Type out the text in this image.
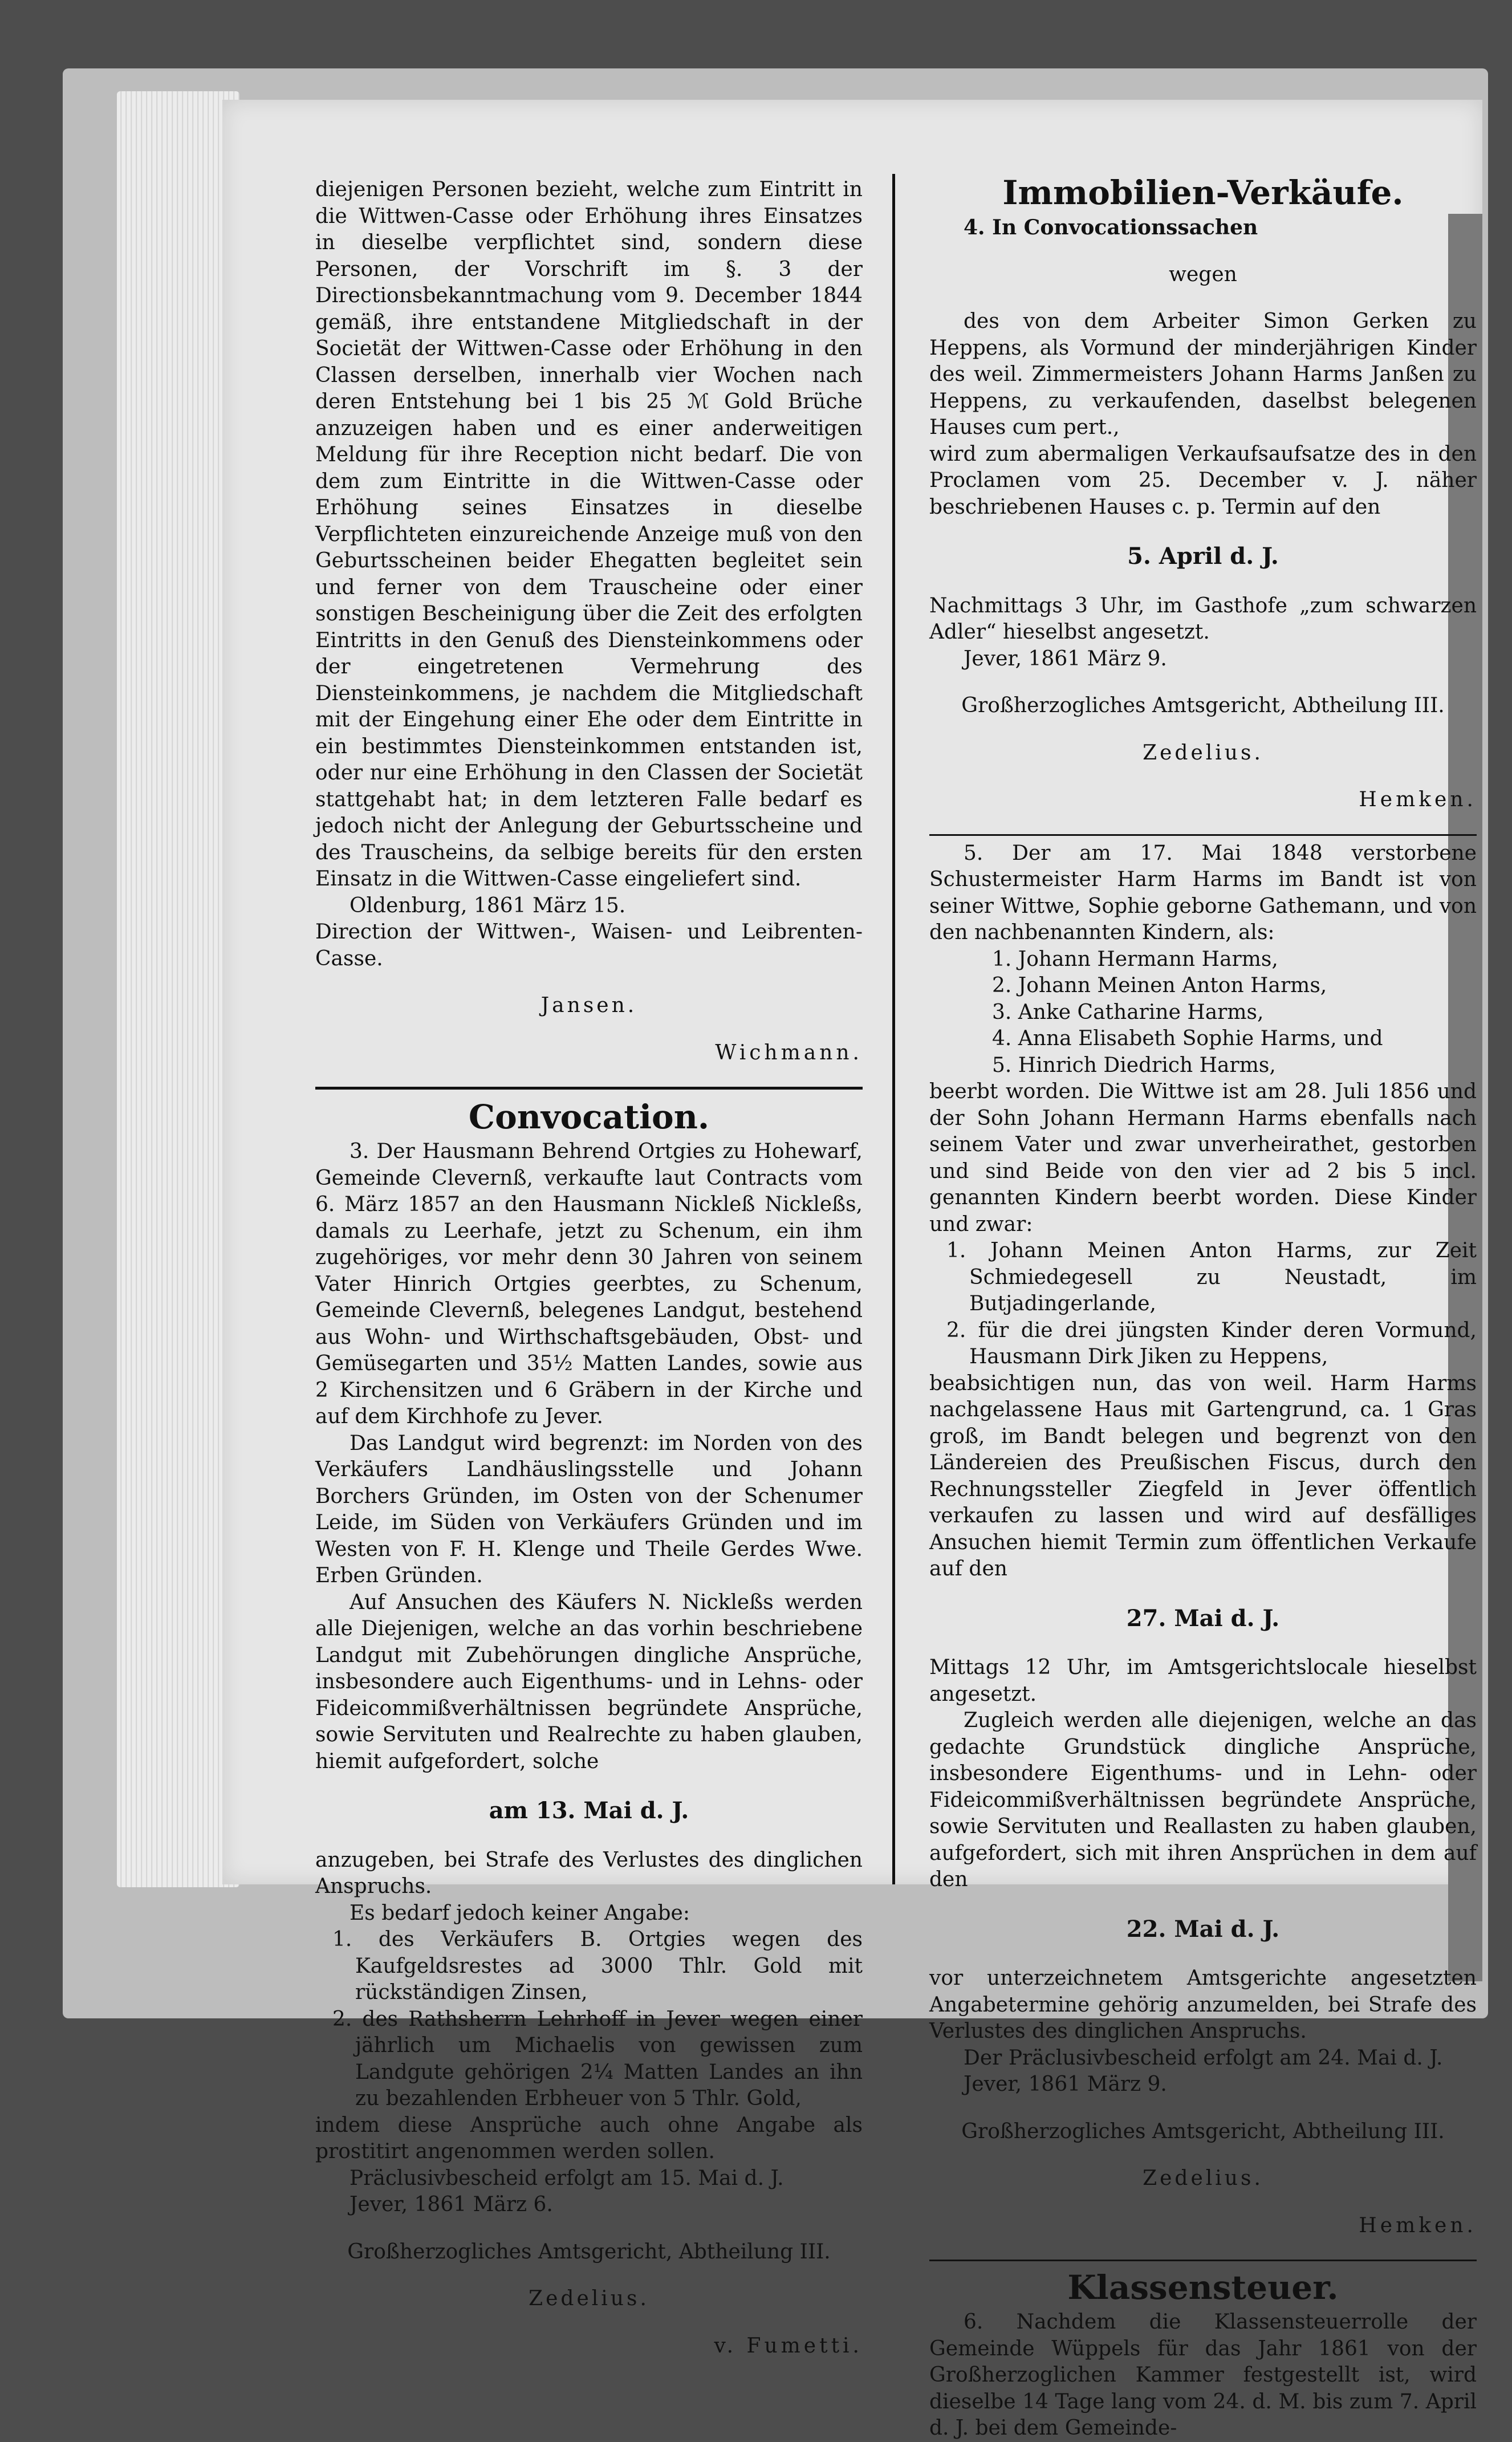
diejenigen Personen bezieht, welche zum Eintritt in die Wittwen-Casse oder Erhöhung ihres Einsatzes in dieselbe verpflichtet sind, sondern diese Personen, der Vorschrift im §. 3 der Directionsbekanntmachung vom 9. December 1844 gemäß, ihre entstandene Mitgliedschaft in der Societät der Wittwen-Casse oder Erhöhung in den Classen derselben, innerhalb vier Wochen nach deren Entstehung bei 1 bis 25 ℳ Gold Brüche anzuzeigen haben und es einer anderweitigen Meldung für ihre Reception nicht bedarf. Die von dem zum Eintritte in die Wittwen-Casse oder Erhöhung seines Einsatzes in dieselbe Verpflichteten einzureichende Anzeige muß von den Geburtsscheinen beider Ehegatten begleitet sein und ferner von dem Trauscheine oder einer sonstigen Bescheinigung über die Zeit des erfolgten Eintritts in den Genuß des Diensteinkommens oder der eingetretenen Vermehrung des Diensteinkommens, je nachdem die Mitgliedschaft mit der Eingehung einer Ehe oder dem Eintritte in ein bestimmtes Diensteinkommen entstanden ist, oder nur eine Erhöhung in den Classen der Societät stattgehabt hat; in dem letzteren Falle bedarf es jedoch nicht der Anlegung der Geburtsscheine und des Trauscheins, da selbige bereits für den ersten Einsatz in die Wittwen-Casse eingeliefert sind.

Oldenburg, 1861 März 15.

Direction der Wittwen-, Waisen- und Leibrenten-Casse.

Jansen.

Wichmann.

Convocation.

3. Der Hausmann Behrend Ortgies zu Hohewarf, Gemeinde Clevernß, verkaufte laut Contracts vom 6. März 1857 an den Hausmann Nickleß Nickleßs, damals zu Leerhafe, jetzt zu Schenum, ein ihm zugehöriges, vor mehr denn 30 Jahren von seinem Vater Hinrich Ortgies geerbtes, zu Schenum, Gemeinde Clevernß, belegenes Landgut, bestehend aus Wohn- und Wirthschaftsgebäuden, Obst- und Gemüsegarten und 35½ Matten Landes, sowie aus 2 Kirchensitzen und 6 Gräbern in der Kirche und auf dem Kirchhofe zu Jever.

Das Landgut wird begrenzt: im Norden von des Verkäufers Landhäuslingsstelle und Johann Borchers Gründen, im Osten von der Schenumer Leide, im Süden von Verkäufers Gründen und im Westen von F. H. Klenge und Theile Gerdes Wwe. Erben Gründen.

Auf Ansuchen des Käufers N. Nickleßs werden alle Diejenigen, welche an das vorhin beschriebene Landgut mit Zubehörungen dingliche Ansprüche, insbesondere auch Eigenthums- und in Lehns- oder Fideicommißverhältnissen begründete Ansprüche, sowie Servituten und Realrechte zu haben glauben, hiemit aufgefordert, solche

am 13. Mai d. J.

anzugeben, bei Strafe des Verlustes des dinglichen Anspruchs.

Es bedarf jedoch keiner Angabe:

1. des Verkäufers B. Ortgies wegen des Kaufgeldsrestes ad 3000 Thlr. Gold mit rückständigen Zinsen,
2. des Rathsherrn Lehrhoff in Jever wegen einer jährlich um Michaelis von gewissen zum Landgute gehörigen 2¼ Matten Landes an ihn zu bezahlenden Erbheuer von 5 Thlr. Gold,

indem diese Ansprüche auch ohne Angabe als prostitirt angenommen werden sollen.

Präclusivbescheid erfolgt am 15. Mai d. J.

Jever, 1861 März 6.

Großherzogliches Amtsgericht, Abtheilung III.

Zedelius.

v. Fumetti.

Immobilien-Verkäufe.

4. In Convocationssachen

wegen

des von dem Arbeiter Simon Gerken zu Heppens, als Vormund der minderjährigen Kinder des weil. Zimmermeisters Johann Harms Janßen zu Heppens, zu verkaufenden, daselbst belegenen Hauses cum pert.,

wird zum abermaligen Verkaufsaufsatze des in den Proclamen vom 25. December v. J. näher beschriebenen Hauses c. p. Termin auf den

5. April d. J.

Nachmittags 3 Uhr, im Gasthofe „zum schwarzen Adler“ hieselbst angesetzt.

Jever, 1861 März 9.

Großherzogliches Amtsgericht, Abtheilung III.

Zedelius.

Hemken.

5. Der am 17. Mai 1848 verstorbene Schustermeister Harm Harms im Bandt ist von seiner Wittwe, Sophie geborne Gathemann, und von den nachbenannten Kindern, als:

1. Johann Hermann Harms,
2. Johann Meinen Anton Harms,
3. Anke Catharine Harms,
4. Anna Elisabeth Sophie Harms, und
5. Hinrich Diedrich Harms,

beerbt worden. Die Wittwe ist am 28. Juli 1856 und der Sohn Johann Hermann Harms ebenfalls nach seinem Vater und zwar unverheirathet, gestorben und sind Beide von den vier ad 2 bis 5 incl. genannten Kindern beerbt worden. Diese Kinder und zwar:

1. Johann Meinen Anton Harms, zur Zeit Schmiedegesell zu Neustadt, im Butjadingerlande,
2. für die drei jüngsten Kinder deren Vormund, Hausmann Dirk Jiken zu Heppens,

beabsichtigen nun, das von weil. Harm Harms nachgelassene Haus mit Gartengrund, ca. 1 Gras groß, im Bandt belegen und begrenzt von den Ländereien des Preußischen Fiscus, durch den Rechnungssteller Ziegfeld in Jever öffentlich verkaufen zu lassen und wird auf desfälliges Ansuchen hiemit Termin zum öffentlichen Verkaufe auf den

27. Mai d. J.

Mittags 12 Uhr, im Amtsgerichtslocale hieselbst angesetzt.

Zugleich werden alle diejenigen, welche an das gedachte Grundstück dingliche Ansprüche, insbesondere Eigenthums- und in Lehn- oder Fideicommißverhältnissen begründete Ansprüche, sowie Servituten und Reallasten zu haben glauben, aufgefordert, sich mit ihren Ansprüchen in dem auf den

22. Mai d. J.

vor unterzeichnetem Amtsgerichte angesetzten Angabetermine gehörig anzumelden, bei Strafe des Verlustes des dinglichen Anspruchs.

Der Präclusivbescheid erfolgt am 24. Mai d. J.

Jever, 1861 März 9.

Großherzogliches Amtsgericht, Abtheilung III.

Zedelius.

Hemken.

Klassensteuer.

6. Nachdem die Klassensteuerrolle der Gemeinde Wüppels für das Jahr 1861 von der Großherzoglichen Kammer festgestellt ist, wird dieselbe 14 Tage lang vom 24. d. M. bis zum 7. April d. J. bei dem Gemeinde-
